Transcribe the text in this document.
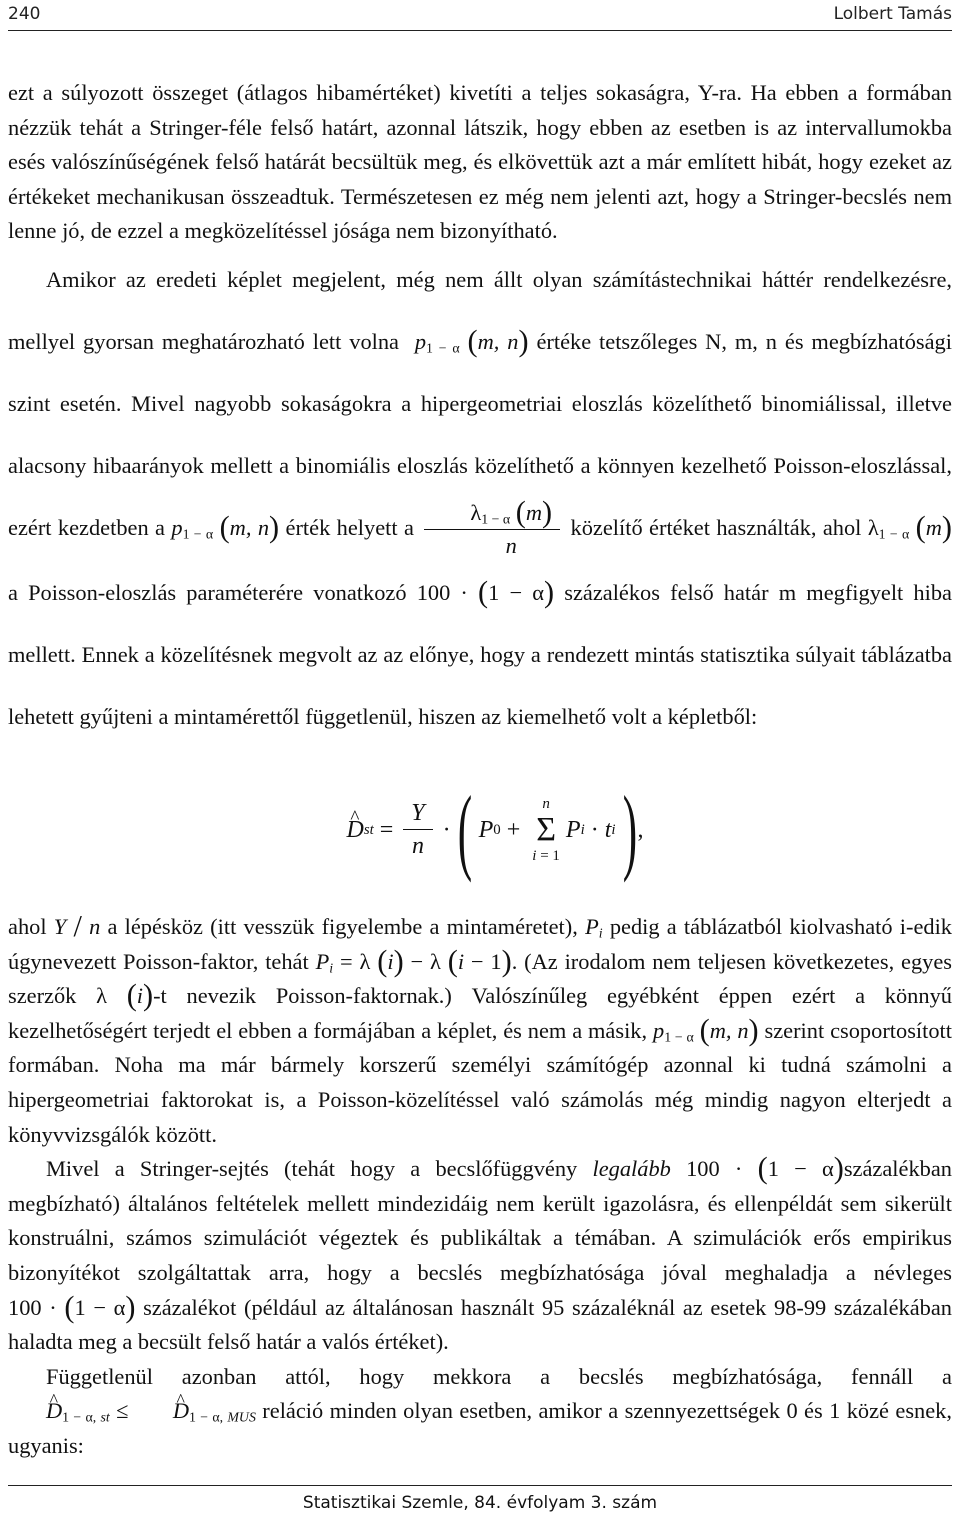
240	Lolbert Tamás

ezt a súlyozott összeget (átlagos hibamértéket) kivetíti a teljes sokaságra, Y-ra. Ha ebben a formában nézzük tehát a Stringer-féle felső határt, azonnal látszik, hogy ebben az esetben is az intervallumokba esés valószínűségének felső határát becsültük meg, és elkövettük azt a már említett hibát, hogy ezeket az értékeket mechanikusan összeadtuk. Természetesen ez még nem jelenti azt, hogy a Stringer-becslés nem lenne jó, de ezzel a megközelítéssel jósága nem bizonyítható.

Amikor az eredeti képlet megjelent, még nem állt olyan számítástechnikai háttér rendelkezésre, mellyel gyorsan meghatározható lett volna $p_{1 - \alpha}$ (m, n) értéke tetszőleges N, m, n és megbízhatósági szint esetén. Mivel nagyobb sokaságokra a hipergeometriai eloszlás közelíthető binomiálissal, illetve alacsony hibaarányok mellett a binomiális eloszlás közelíthető a könnyen kezelhető Poisson-eloszlással, ezért kezdetben a $p_{1 - \alpha}$ (m, n) érték helyett a $\frac{\lambda_{1 - \alpha} (m)}{n}$ közelítő értéket használták, ahol $\lambda_{1 - \alpha}$ (m) a Poisson-eloszlás paraméterére vonatkozó 100 · (1 − α) százalékos felső határ m megfigyelt hiba mellett. Ennek a közelítésnek megvolt az az előnye, hogy a rendezett mintás statisztika súlyait táblázatba lehetett gyűjteni a mintamérettől függetlenül, hiszen az kiemelhető volt a képletből:

^ D st = $\frac{Y}{n}$ · (
P 0 +
n
Σ
i = 1
P i · t i
) ,

ahol Y / n a lépésköz (itt vesszük figyelembe a mintaméretet), $P_i$ pedig a táblázatból kiolvasható i-edik úgynevezett Poisson-faktor, tehát $P_i = \lambda$ (i) − λ (i − 1). (Az irodalom nem teljesen következetes, egyes szerzők λ (i)-t nevezik Poisson-faktornak.) Valószínűleg egyébként éppen ezért a könnyű kezelhetőségért terjedt el ebben a formájában a képlet, és nem a másik, $p_{1 - \alpha}$ (m, n) szerint csoportosított formában. Noha ma már bármely korszerű személyi számítógép azonnal ki tudná számolni a hipergeometriai faktorokat is, a Poisson-közelítéssel való számolás még mindig nagyon elterjedt a könyvvizsgálók között.

Mivel a Stringer-sejtés (tehát hogy a becslőfüggvény legalább 100 · (1 − α)százalékban megbízható) általános feltételek mellett mindezidáig nem került igazolásra, és ellenpéldát sem sikerült konstruálni, számos szimulációt végeztek és publikáltak a témában. A szimulációk erős empirikus bizonyítékot szolgáltattak arra, hogy a becslés megbízhatósága jóval meghaladja a névleges 100 · (1 − α) százalékot (például az általánosan használt 95 százaléknál az esetek 98-99 százalékában haladta meg a becsült felső határ a valós értéket).

Függetlenül azonban attól, hogy mekkora a becslés megbízhatósága, fennáll a ^ $D_{1 - \alpha, st}$ ≤ ^ $D_{1 - \alpha, MUS}$ reláció minden olyan esetben, amikor a szennyezettségek 0 és 1 közé esnek, ugyanis:

Statisztikai Szemle, 84. évfolyam 3. szám
